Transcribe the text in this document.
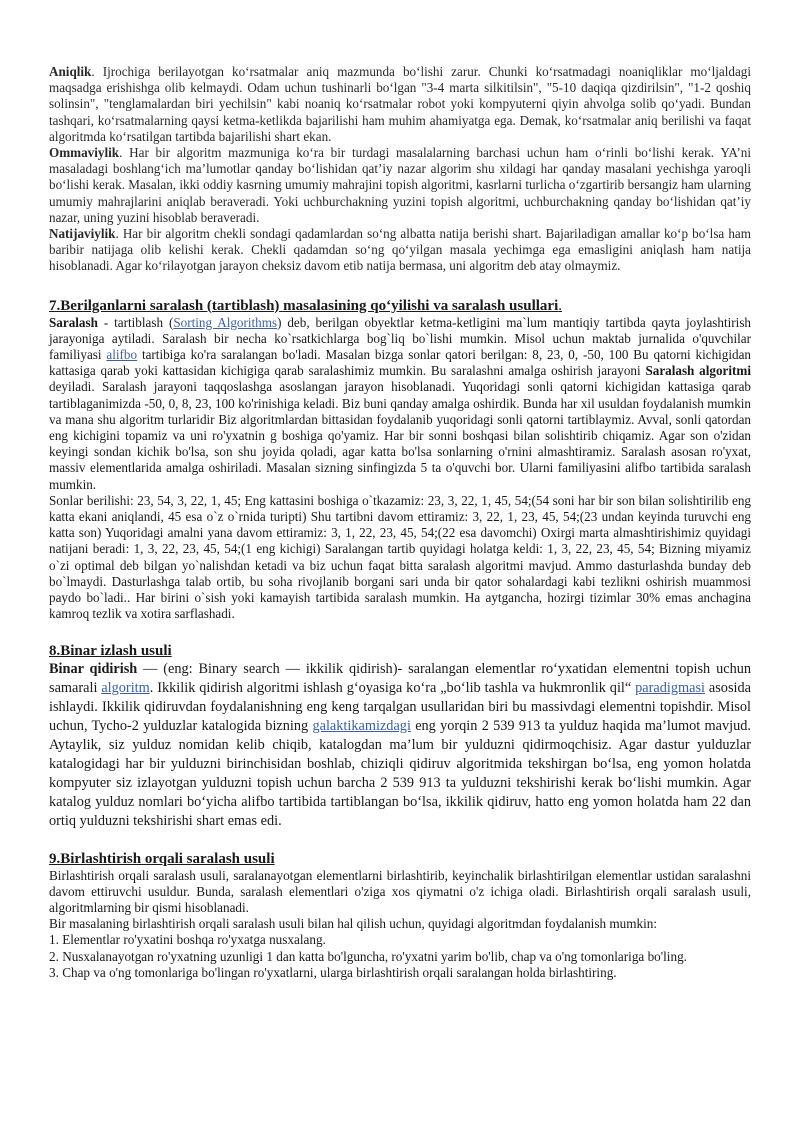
Aniqlik. Ijrochiga berilayotgan koʻrsatmalar aniq mazmunda boʻlishi zarur. Chunki koʻrsatmadagi noaniqliklar moʻljaldagi maqsadga erishishga olib kelmaydi. Odam uchun tushinarli boʻlgan "3-4 marta silkitilsin", "5-10 daqiqa qizdirilsin", "1-2 qoshiq solinsin", "tenglamalardan biri yechilsin" kabi noaniq koʻrsatmalar robot yoki kompyuterni qiyin ahvolga solib qoʻyadi. Bundan tashqari, koʻrsatmalarning qaysi ketma-ketlikda bajarilishi ham muhim ahamiyatga ega. Demak, koʻrsatmalar aniq berilishi va faqat algoritmda koʻrsatilgan tartibda bajarilishi shart ekan.

Ommaviylik. Har bir algoritm mazmuniga koʻra bir turdagi masalalarning barchasi uchun ham oʻrinli boʻlishi kerak. YA’ni masaladagi boshlangʻich ma’lumotlar qanday boʻlishidan qat’iy nazar algorim shu xildagi har qanday masalani yechishga yaroqli boʻlishi kerak. Masalan, ikki oddiy kasrning umumiy mahrajini topish algoritmi, kasrlarni turlicha oʻzgartirib bersangiz ham ularning umumiy mahrajlarini aniqlab beraveradi. Yoki uchburchakning yuzini topish algoritmi, uchburchakning qanday boʻlishidan qat’iy nazar, uning yuzini hisoblab beraveradi.

Natijaviylik. Har bir algoritm chekli sondagi qadamlardan soʻng albatta natija berishi shart. Bajariladigan amallar koʻp boʻlsa ham baribir natijaga olib kelishi kerak. Chekli qadamdan soʻng qoʻyilgan masala yechimga ega emasligini aniqlash ham natija hisoblanadi. Agar koʻrilayotgan jarayon cheksiz davom etib natija bermasa, uni algoritm deb atay olmaymiz.

7.Berilganlarni saralash (tartiblash) masalasining qoʻyilishi va saralash usullari.

Saralash - tartiblash (Sorting Algorithms) deb, berilgan obyektlar ketma-ketligini ma`lum mantiqiy tartibda qayta joylashtirish jarayoniga aytiladi. Saralash bir necha ko`rsatkichlarga bog`liq bo`lishi mumkin. Misol uchun maktab jurnalida o'quvchilar familiyasi alifbo tartibiga ko'ra saralangan bo'ladi. Masalan bizga sonlar qatori berilgan: 8, 23, 0, -50, 100 Bu qatorni kichigidan kattasiga qarab yoki kattasidan kichigiga qarab saralashimiz mumkin. Bu saralashni amalga oshirish jarayoni Saralash algoritmi deyiladi. Saralash jarayoni taqqoslashga asoslangan jarayon hisoblanadi. Yuqoridagi sonli qatorni kichigidan kattasiga qarab tartiblaganimizda -50, 0, 8, 23, 100 ko'rinishiga keladi. Biz buni qanday amalga oshirdik. Bunda har xil usuldan foydalanish mumkin va mana shu algoritm turlaridir Biz algoritmlardan bittasidan foydalanib yuqoridagi sonli qatorni tartiblaymiz. Avval, sonli qatordan eng kichigini topamiz va uni ro'yxatnin g boshiga qo'yamiz. Har bir sonni boshqasi bilan solishtirib chiqamiz. Agar son o'zidan keyingi sondan kichik bo'lsa, son shu joyida qoladi, agar katta bo'lsa sonlarning o'rnini almashtiramiz. Saralash asosan ro'yxat, massiv elementlarida amalga oshiriladi. Masalan sizning sinfingizda 5 ta o'quvchi bor. Ularni familiyasini alifbo tartibida saralash mumkin.

Sonlar berilishi: 23, 54, 3, 22, 1, 45; Eng kattasini boshiga o`tkazamiz: 23, 3, 22, 1, 45, 54;(54 soni har bir son bilan solishtirilib eng katta ekani aniqlandi, 45 esa o`z o`rnida turipti) Shu tartibni davom ettiramiz: 3, 22, 1, 23, 45, 54;(23 undan keyinda turuvchi eng katta son) Yuqoridagi amalni yana davom ettiramiz: 3, 1, 22, 23, 45, 54;(22 esa davomchi) Oxirgi marta almashtirishimiz quyidagi natijani beradi: 1, 3, 22, 23, 45, 54;(1 eng kichigi) Saralangan tartib quyidagi holatga keldi: 1, 3, 22, 23, 45, 54; Bizning miyamiz o`zi optimal deb bilgan yo`nalishdan ketadi va biz uchun faqat bitta saralash algoritmi mavjud. Ammo dasturlashda bunday deb bo`lmaydi. Dasturlashga talab ortib, bu soha rivojlanib borgani sari unda bir qator sohalardagi kabi tezlikni oshirish muammosi paydo bo`ladi.. Har birini o`sish yoki kamayish tartibida saralash mumkin. Ha aytgancha, hozirgi tizimlar 30% emas anchagina kamroq tezlik va xotira sarflashadi.

8.Binar izlash usuli

Binar qidirish — (eng: Binary search — ikkilik qidirish)- saralangan elementlar roʻyxatidan elementni topish uchun samarali algoritm. Ikkilik qidirish algoritmi ishlash gʻoyasiga koʻra „boʻlib tashla va hukmronlik qil“ paradigmasi asosida ishlaydi. Ikkilik qidiruvdan foydalanishning eng keng tarqalgan usullaridan biri bu massivdagi elementni topishdir. Misol uchun, Tycho-2 yulduzlar katalogida bizning galaktikamizdagi eng yorqin 2 539 913 ta yulduz haqida ma’lumot mavjud. Aytaylik, siz yulduz nomidan kelib chiqib, katalogdan ma’lum bir yulduzni qidirmoqchisiz. Agar dastur yulduzlar katalogidagi har bir yulduzni birinchisidan boshlab, chiziqli qidiruv algoritmida tekshirgan boʻlsa, eng yomon holatda kompyuter siz izlayotgan yulduzni topish uchun barcha 2 539 913 ta yulduzni tekshirishi kerak boʻlishi mumkin. Agar katalog yulduz nomlari boʻyicha alifbo tartibida tartiblangan boʻlsa, ikkilik qidiruv, hatto eng yomon holatda ham 22 dan ortiq yulduzni tekshirishi shart emas edi.

9.Birlashtirish orqali saralash usuli

Birlashtirish orqali saralash usuli, saralanayotgan elementlarni birlashtirib, keyinchalik birlashtirilgan elementlar ustidan saralashni davom ettiruvchi usuldur. Bunda, saralash elementlari o'ziga xos qiymatni o'z ichiga oladi. Birlashtirish orqali saralash usuli, algoritmlarning bir qismi hisoblanadi.

Bir masalaning birlashtirish orqali saralash usuli bilan hal qilish uchun, quyidagi algoritmdan foydalanish mumkin:

1. Elementlar ro'yxatini boshqa ro'yxatga nusxalang.

2. Nusxalanayotgan ro'yxatning uzunligi 1 dan katta bo'lguncha, ro'yxatni yarim bo'lib, chap va o'ng tomonlariga bo'ling.

3. Chap va o'ng tomonlariga bo'lingan ro'yxatlarni, ularga birlashtirish orqali saralangan holda birlashtiring.
